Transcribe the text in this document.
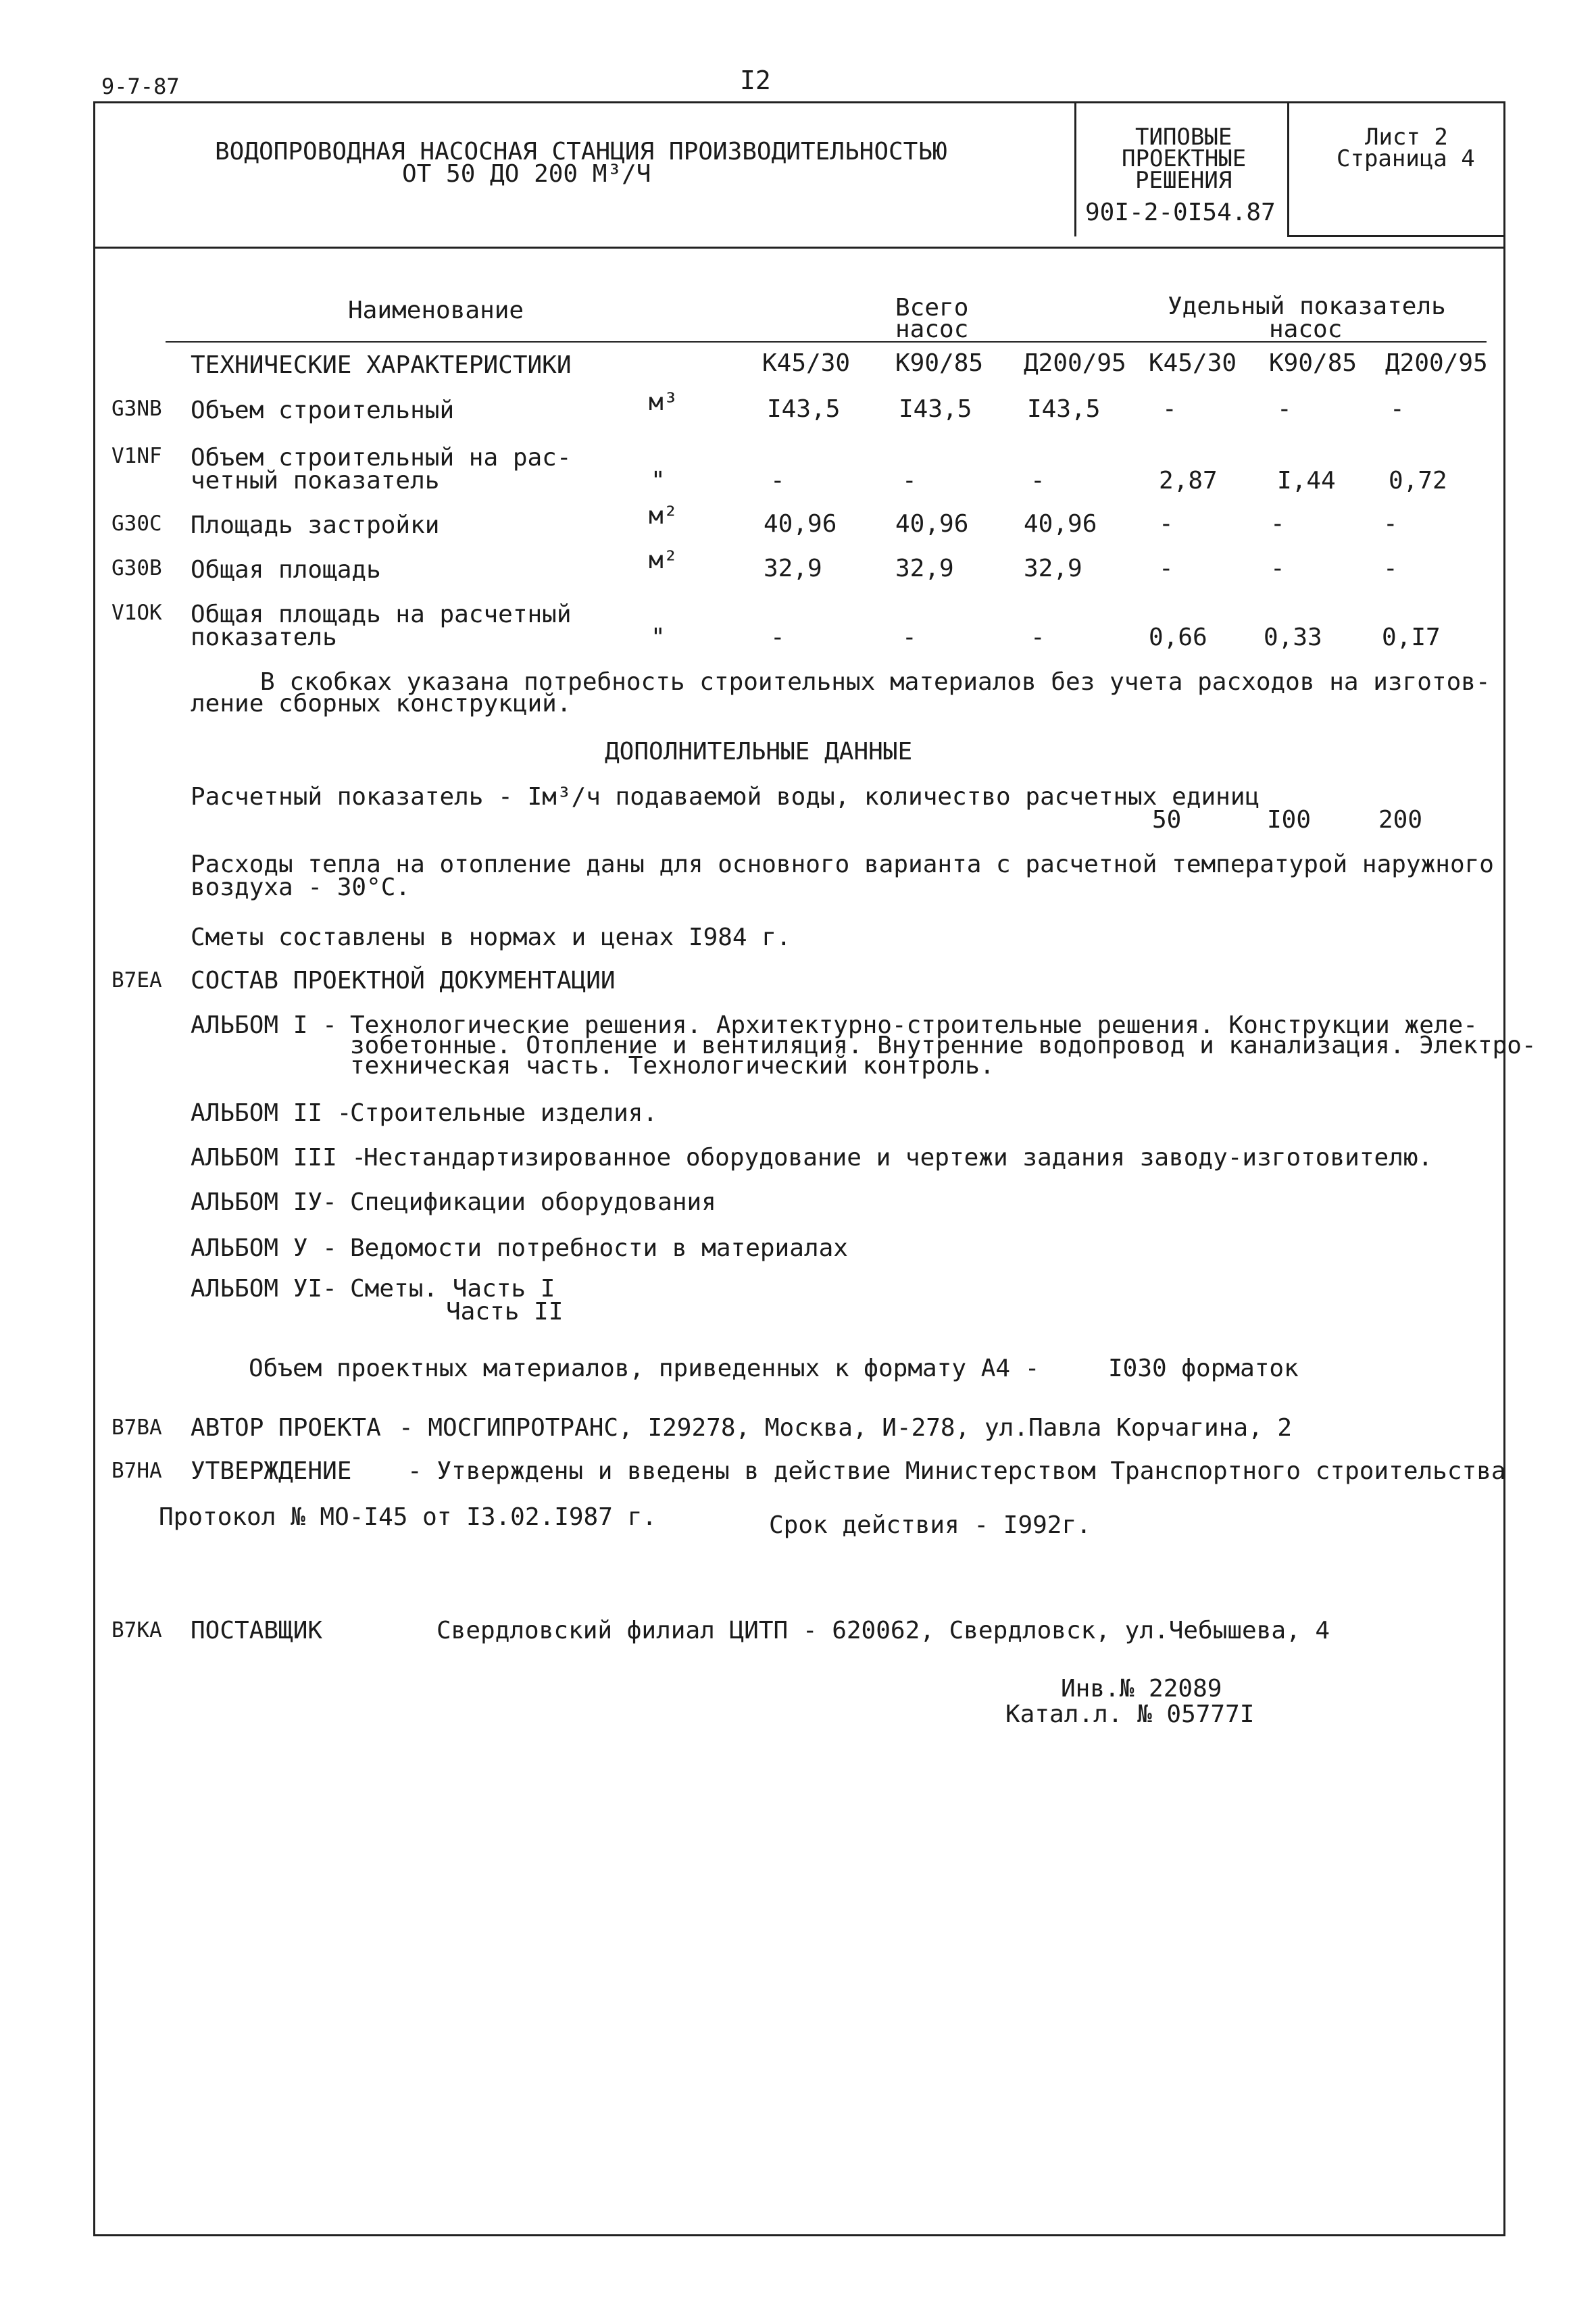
9-7-87	I2
ВОДОПРОВОДНАЯ НАСОСНАЯ СТАНЦИЯ ПРОИЗВОДИТЕЛЬНОСТЬЮ
ОТ 50 ДО 200 М³/Ч
ТИПОВЫЕ
ПРОЕКТНЫЕ
РЕШЕНИЯ
90I-2-0I54.87
Лист 2
Страница 4
Наименование	Всего
насос
Удельный показатель
насос
ТЕХНИЧЕСКИЕ ХАРАКТЕРИСТИКИ	К45/30 К90/85 Д200/95 К45/30 К90/85 Д200/95
G3NB Объем строительный	м³	I43,5 I43,5 I43,5	-	-	-
V1NF Объем строительный на рас-
четный показатель	"	-	-	-	2,87 I,44 0,72
G30C Площадь застройки	м²	40,96 40,96 40,96	-	-	-
G30B Общая площадь	м²	32,9	32,9	32,9	-	-	-
V1OK Общая площадь на расчетный
показатель	"	-	-	-	0,66 0,33 0,I7
В скобках указана потребность строительных материалов без учета расходов на изготов-
ление сборных конструкций.
ДОПОЛНИТЕЛЬНЫЕ ДАННЫЕ
Расчетный показатель - Iм³/ч подаваемой воды, количество расчетных единиц
50	I00	200
Расходы тепла на отопление даны для основного варианта с расчетной температурой наружного
воздуха - 30°С.
Сметы составлены в нормах и ценах I984 г.
В7ЕА СОСТАВ ПРОЕКТНОЙ ДОКУМЕНТАЦИИ
АЛЬБОМ I - Технологические решения. Архитектурно-строительные решения. Конструкции желе-
зобетонные. Отопление и вентиляция. Внутренние водопровод и канализация. Электро-
техническая часть. Технологический контроль.
АЛЬБОМ II -
Строительные изделия.
АЛЬБОМ III -
Нестандартизированное оборудование и чертежи задания заводу-изготовителю.
АЛЬБОМ IУ- Спецификации оборудования
АЛЬБОМ У - Ведомости потребности в материалах
АЛЬБОМ УI- Сметы. Часть I
Часть II
Объем проектных материалов, приведенных к формату А4 -	I030 форматок
В7ВА АВТОР ПРОЕКТА - МОСГИПРОТРАНС, I29278, Москва, И-278, ул.Павла Корчагина, 2
В7НА УТВЕРЖДЕНИЕ - Утверждены и введены в действие Министерством Транспортного строительства
Протокол № МО-I45 от I3.02.I987 г.	Срок действия - I992г.
В7КА ПОСТАВЩИК	Свердловский филиал ЦИТП - 620062, Свердловск, ул.Чебышева, 4
Инв.№ 22089
Катал.л. № 05777I
